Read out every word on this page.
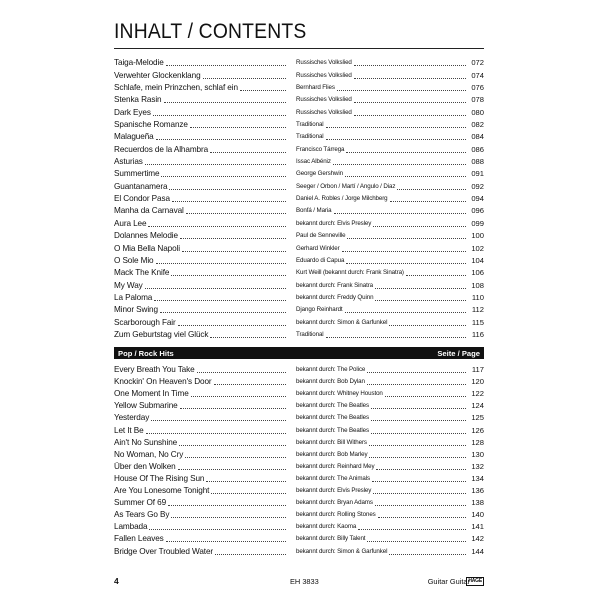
INHALT / CONTENTS
Taiga-Melodie	Russisches Volkslied	072
Verwehter Glockenklang	Russisches Volkslied	074
Schlafe, mein Prinzchen, schlaf ein	Bernhard Flies	076
Stenka Rasin	Russisches Volkslied	078
Dark Eyes	Russisches Volkslied	080
Spanische Romanze	Traditional	082
Malagueña	Traditional	084
Recuerdos de la Alhambra	Francisco Tárrega	086
Asturias	Issac Albéniz	088
Summertime	George Gershwin	091
Guantanamera	Seeger / Orbon / Martí / Angulo / Diaz	092
El Condor Pasa	Daniel A. Robles / Jorge Milchberg	094
Manha da Carnaval	Bonfá / Maria	096
Aura Lee	bekannt durch: Elvis Presley	099
Dolannes Melodie	Paul de Senneville	100
O Mia Bella Napoli	Gerhard Winkler	102
O Sole Mio	Eduardo di Capua	104
Mack The Knife	Kurt Weill (bekannt durch: Frank Sinatra)	106
My Way	bekannt durch: Frank Sinatra	108
La Paloma	bekannt durch: Freddy Quinn	110
Minor Swing	Django Reinhardt	112
Scarborough Fair	bekannt durch: Simon & Garfunkel	115
Zum Geburtstag viel Glück	Traditional	116
Pop / Rock Hits	Seite / Page
Every Breath You Take	bekannt durch: The Police	117
Knockin' On Heaven's Door	bekannt durch: Bob Dylan	120
One Moment In Time	bekannt durch: Whitney Houston	122
Yellow Submarine	bekannt durch: The Beatles	124
Yesterday	bekannt durch: The Beatles	125
Let It Be	bekannt durch: The Beatles	126
Ain't No Sunshine	bekannt durch: Bill Withers	128
No Woman, No Cry	bekannt durch: Bob Marley	130
Über den Wolken	bekannt durch: Reinhard Mey	132
House Of The Rising Sun	bekannt durch: The Animals	134
Are You Lonesome Tonight	bekannt durch: Elvis Presley	136
Summer Of 69	bekannt durch: Bryan Adams	138
As Tears Go By	bekannt durch: Rolling Stones	140
Lambada	bekannt durch: Kaoma	141
Fallen Leaves	bekannt durch: Billy Talent	142
Bridge Over Troubled Water	bekannt durch: Simon & Garfunkel	144
4	EH 3833	Guitar Guitar
HAGE
